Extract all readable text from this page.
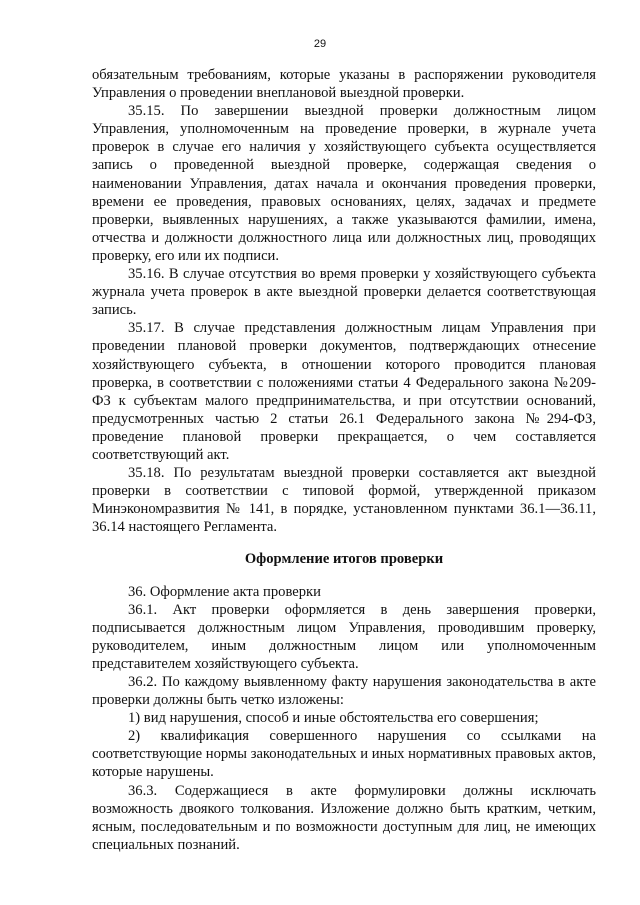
29

обязательным требованиям, которые указаны в распоряжении руководителя Управления о проведении внеплановой выездной проверки.

35.15. По завершении выездной проверки должностным лицом Управления, уполномоченным на проведение проверки, в журнале учета проверок в случае его наличия у хозяйствующего субъекта осуществляется запись о проведенной выездной проверке, содержащая сведения о наименовании Управления, датах начала и окончания проведения проверки, времени ее проведения, правовых основаниях, целях, задачах и предмете проверки, выявленных нарушениях, а также указываются фамилии, имена, отчества и должности должностного лица или должностных лиц, проводящих проверку, его или их подписи.

35.16. В случае отсутствия во время проверки у хозяйствующего субъекта журнала учета проверок в акте выездной проверки делается соответствующая запись.

35.17. В случае представления должностным лицам Управления при проведении плановой проверки документов, подтверждающих отнесение хозяйствующего субъекта, в отношении которого проводится плановая проверка, в соответствии с положениями статьи 4 Федерального закона №209-ФЗ к субъектам малого предпринимательства, и при отсутствии оснований, предусмотренных частью 2 статьи 26.1 Федерального закона №294-ФЗ, проведение плановой проверки прекращается, о чем составляется соответствующий акт.

35.18. По результатам выездной проверки составляется акт выездной проверки в соответствии с типовой формой, утвержденной приказом Минэкономразвития № 141, в порядке, установленном пунктами 36.1—36.11, 36.14 настоящего Регламента.

Оформление итогов проверки

36. Оформление акта проверки

36.1. Акт проверки оформляется в день завершения проверки, подписывается должностным лицом Управления, проводившим проверку, руководителем, иным должностным лицом или уполномоченным представителем хозяйствующего субъекта.

36.2. По каждому выявленному факту нарушения законодательства в акте проверки должны быть четко изложены:

1) вид нарушения, способ и иные обстоятельства его совершения;

2) квалификация совершенного нарушения со ссылками на соответствующие нормы законодательных и иных нормативных правовых актов, которые нарушены.

36.3. Содержащиеся в акте формулировки должны исключать возможность двоякого толкования. Изложение должно быть кратким, четким, ясным, последовательным и по возможности доступным для лиц, не имеющих специальных познаний.
